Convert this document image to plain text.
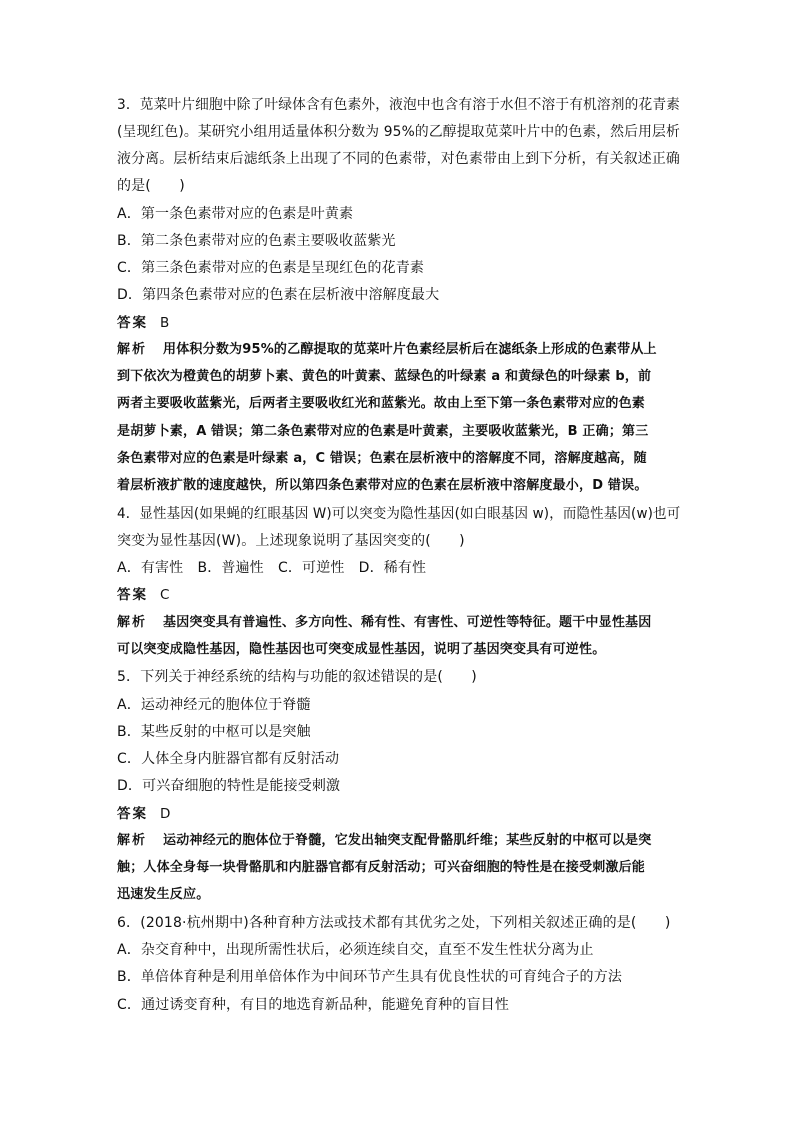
3．苋菜叶片细胞中除了叶绿体含有色素外，液泡中也含有溶于水但不溶于有机溶剂的花青素
(呈现红色)。某研究小组用适量体积分数为 95%的乙醇提取苋菜叶片中的色素，然后用层析
液分离。层析结束后滤纸条上出现了不同的色素带，对色素带由上到下分析，有关叙述正确
的是(　　)
A．第一条色素带对应的色素是叶黄素
B．第二条色素带对应的色素主要吸收蓝紫光
C．第三条色素带对应的色素是呈现红色的花青素
D．第四条色素带对应的色素在层析液中溶解度最大
答案 B
解析 用体积分数为95%的乙醇提取的苋菜叶片色素经层析后在滤纸条上形成的色素带从上
到下依次为橙黄色的胡萝卜素、黄色的叶黄素、蓝绿色的叶绿素 a 和黄绿色的叶绿素 b，前
两者主要吸收蓝紫光，后两者主要吸收红光和蓝紫光。故由上至下第一条色素带对应的色素
是胡萝卜素，A 错误；第二条色素带对应的色素是叶黄素，主要吸收蓝紫光，B 正确；第三
条色素带对应的色素是叶绿素 a，C 错误；色素在层析液中的溶解度不同，溶解度越高，随
着层析液扩散的速度越快，所以第四条色素带对应的色素在层析液中溶解度最小，D 错误。
4．显性基因(如果蝇的红眼基因 W)可以突变为隐性基因(如白眼基因 w)，而隐性基因(w)也可
突变为显性基因(W)。上述现象说明了基因突变的(　　)
A．有害性　B．普遍性　C．可逆性　D．稀有性
答案 C
解析 基因突变具有普遍性、多方向性、稀有性、有害性、可逆性等特征。题干中显性基因
可以突变成隐性基因，隐性基因也可突变成显性基因，说明了基因突变具有可逆性。
5．下列关于神经系统的结构与功能的叙述错误的是(　　)
A．运动神经元的胞体位于脊髓
B．某些反射的中枢可以是突触
C．人体全身内脏器官都有反射活动
D．可兴奋细胞的特性是能接受刺激
答案 D
解析 运动神经元的胞体位于脊髓，它发出轴突支配骨骼肌纤维；某些反射的中枢可以是突
触；人体全身每一块骨骼肌和内脏器官都有反射活动；可兴奋细胞的特性是在接受刺激后能
迅速发生反应。
6．(2018·杭州期中)各种育种方法或技术都有其优劣之处，下列相关叙述正确的是(　　)
A．杂交育种中，出现所需性状后，必须连续自交，直至不发生性状分离为止
B．单倍体育种是利用单倍体作为中间环节产生具有优良性状的可育纯合子的方法
C．通过诱变育种，有目的地选育新品种，能避免育种的盲目性
